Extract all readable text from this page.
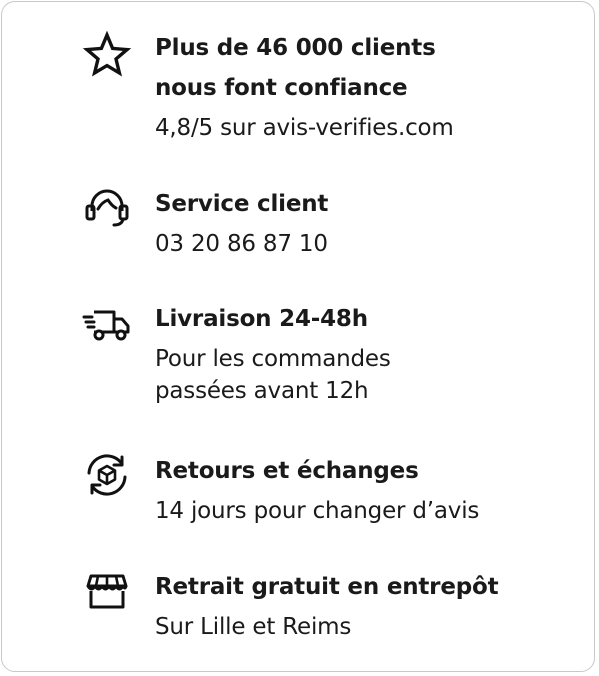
Plus de 46 000 clients
nous font confiance
4,8/5 sur avis-verifies.com
Service client
03 20 86 87 10
Livraison 24-48h
Pour les commandes
passées avant 12h
Retours et échanges
14 jours pour changer d’avis
Retrait gratuit en entrepôt
Sur Lille et Reims
